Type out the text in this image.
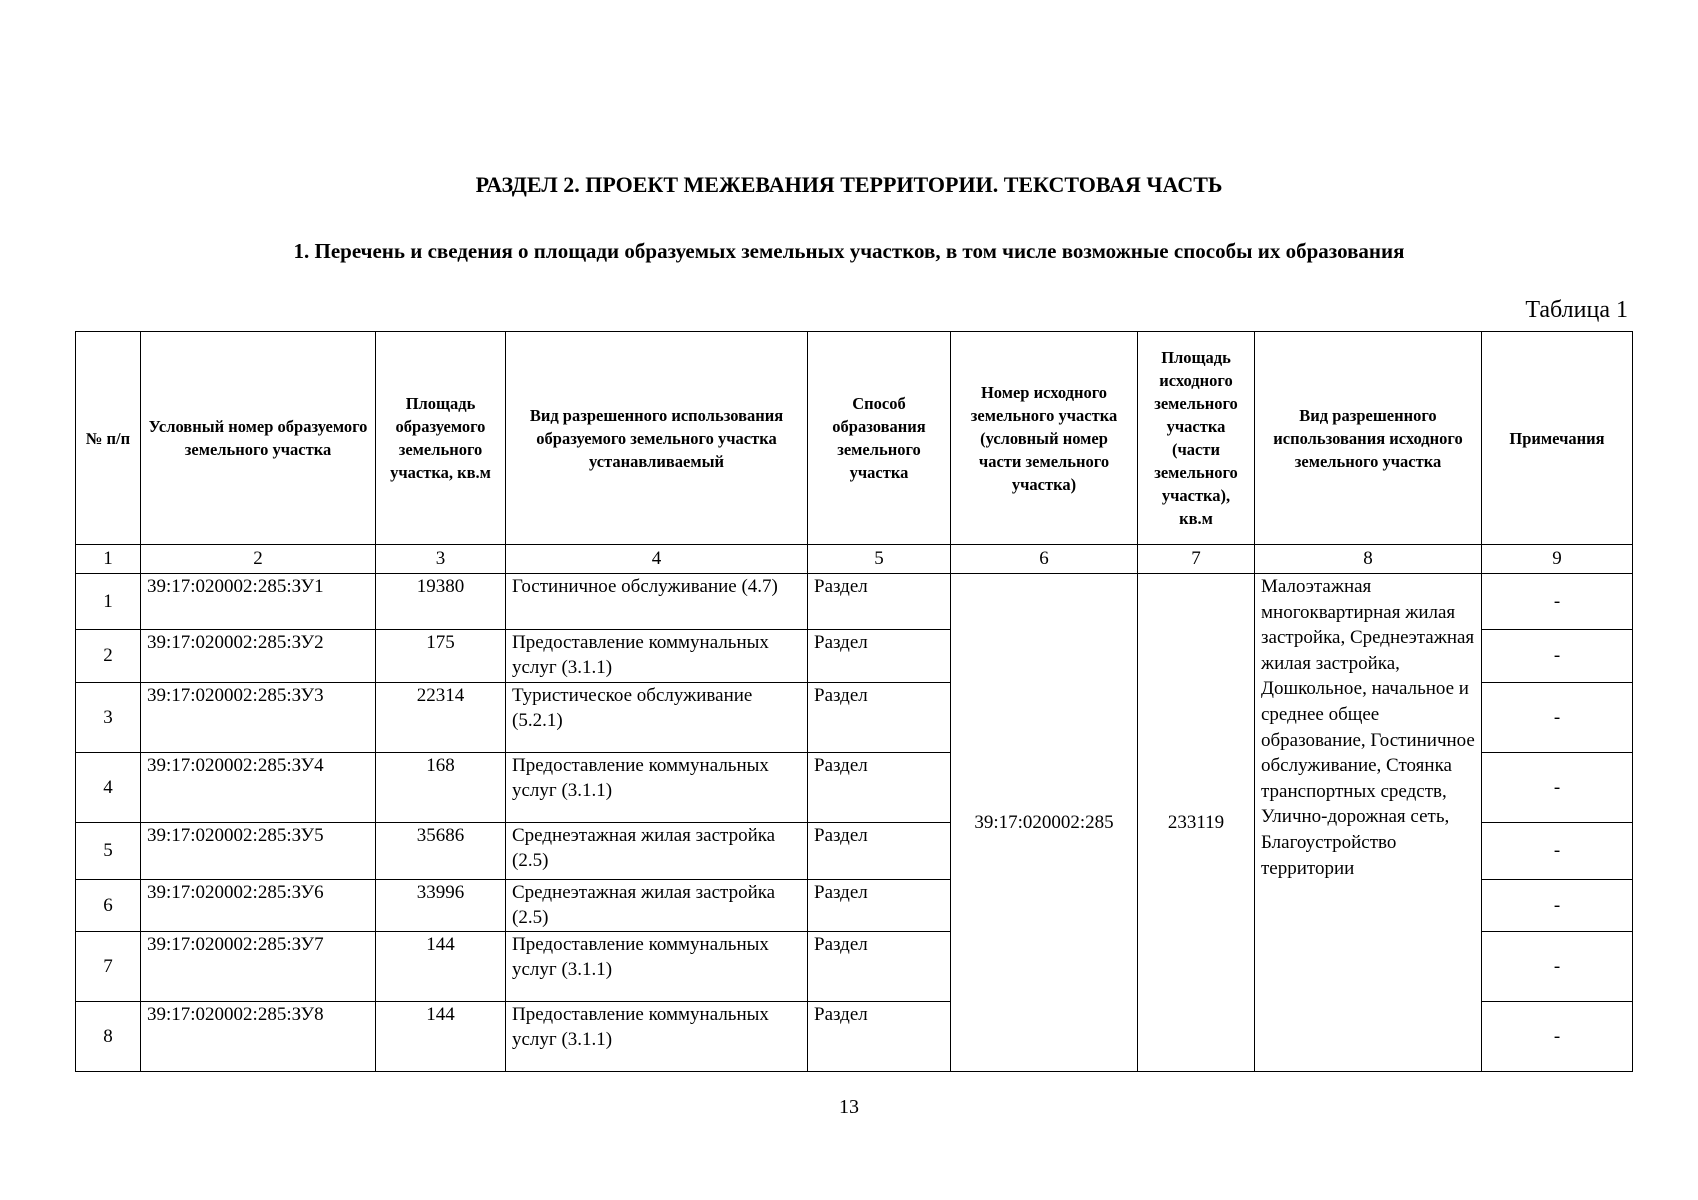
РАЗДЕЛ 2. ПРОЕКТ МЕЖЕВАНИЯ ТЕРРИТОРИИ. ТЕКСТОВАЯ ЧАСТЬ
1. Перечень и сведения о площади образуемых земельных участков, в том числе возможные способы их образования
Таблица 1
№ п/п	Условный номер образуемого земельного участка	Площадь образуемого земельного участка, кв.м	Вид разрешенного использования образуемого земельного участка устанавливаемый	Способ образования земельного участка	Номер исходного земельного участка (условный номер части земельного участка)	Площадь исходного земельного участка (части земельного участка), кв.м	Вид разрешенного использования исходного земельного участка	Примечания
1	2	3	4	5	6	7	8	9
1	39:17:020002:285:ЗУ1	19380	Гостиничное обслуживание (4.7)	Раздел	39:17:020002:285	233119	Малоэтажная многоквартирная жилая застройка, Среднеэтажная жилая застройка, Дошкольное, начальное и среднее общее образование, Гостиничное обслуживание, Стоянка транспортных средств, Улично-дорожная сеть, Благоустройство территории	-
2	39:17:020002:285:ЗУ2	175	Предоставление коммунальных услуг (3.1.1)	Раздел				-
3	39:17:020002:285:ЗУ3	22314	Туристическое обслуживание (5.2.1)	Раздел				-
4	39:17:020002:285:ЗУ4	168	Предоставление коммунальных услуг (3.1.1)	Раздел				-
5	39:17:020002:285:ЗУ5	35686	Среднеэтажная жилая застройка (2.5)	Раздел				-
6	39:17:020002:285:ЗУ6	33996	Среднеэтажная жилая застройка (2.5)	Раздел				-
7	39:17:020002:285:ЗУ7	144	Предоставление коммунальных услуг (3.1.1)	Раздел				-
8	39:17:020002:285:ЗУ8	144	Предоставление коммунальных услуг (3.1.1)	Раздел				-
13
